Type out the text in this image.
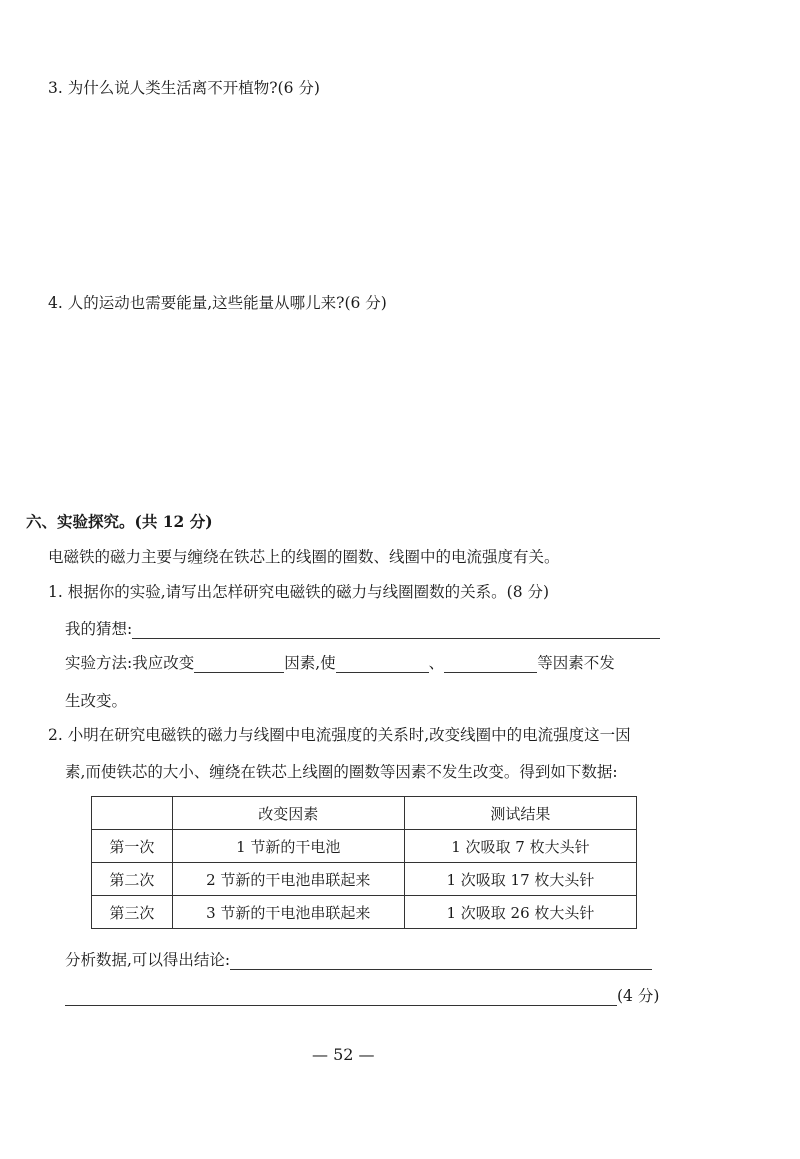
3. 为什么说人类生活离不开植物?(6 分)
4. 人的运动也需要能量,这些能量从哪儿来?(6 分)
六、实验探究。(共 12 分)
电磁铁的磁力主要与缠绕在铁芯上的线圈的圈数、线圈中的电流强度有关。
1. 根据你的实验,请写出怎样研究电磁铁的磁力与线圈圈数的关系。(8 分)
我的猜想:
实验方法:我应改变	因素,使	、	等因素不发
生改变。
2. 小明在研究电磁铁的磁力与线圈中电流强度的关系时,改变线圈中的电流强度这一因
素,而使铁芯的大小、缠绕在铁芯上线圈的圈数等因素不发生改变。得到如下数据:
	改变因素	测试结果
第一次	1 节新的干电池	1 次吸取 7 枚大头针
第二次	2 节新的干电池串联起来	1 次吸取 17 枚大头针
第三次	3 节新的干电池串联起来	1 次吸取 26 枚大头针
分析数据,可以得出结论:
(4 分)
— 52 —
